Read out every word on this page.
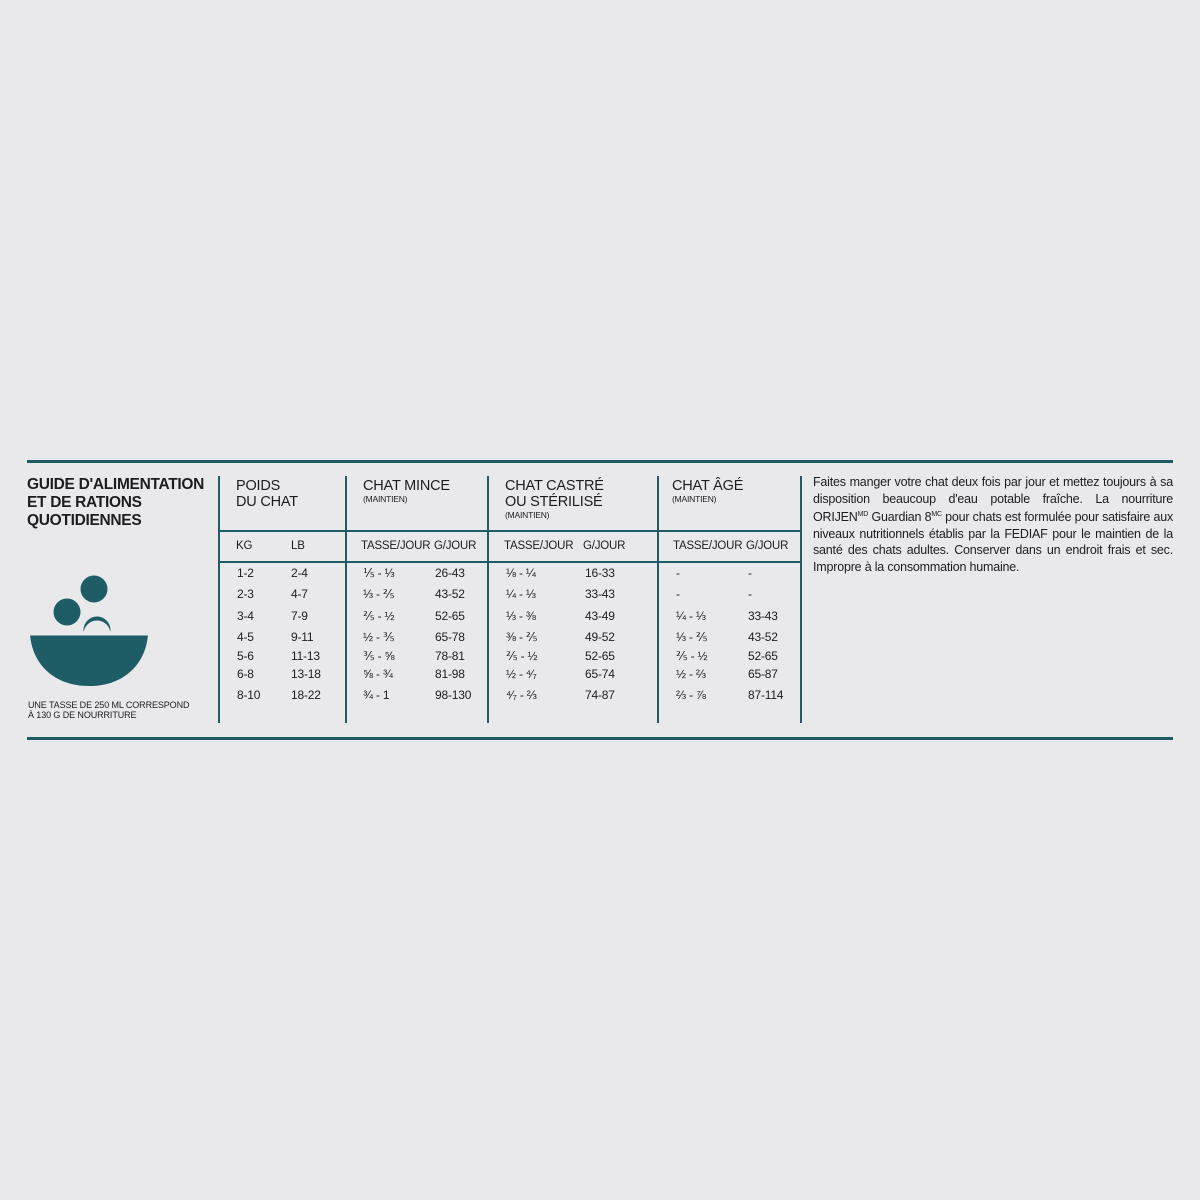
GUIDE D'ALIMENTATION
ET DE RATIONS
QUOTIDIENNES
UNE TASSE DE 250 ML CORRESPOND
À 130 G DE NOURRITURE
POIDS
DU CHAT
CHAT MINCE
(MAINTIEN)
CHAT CASTRÉ
OU STÉRILISÉ
(MAINTIEN)
CHAT ÂGÉ
(MAINTIEN)
KG	LB	TASSE/JOUR G/JOUR TASSE/JOUR G/JOUR	TASSE/JOUR G/JOUR
1-2	2-4	⅕ - ⅓	26-43	⅛ - ¼	16-33	-	-
2-3	4-7	⅓ - ⅖	43-52	¼ - ⅓	33-43	-	-
3-4	7-9	⅖ - ½	52-65	⅓ - ⅜	43-49	¼ - ⅓	33-43
4-5	9-11	½ - ⅗	65-78	⅜ - ⅖	49-52	⅓ - ⅖	43-52
5-6	11-13	⅗ - ⅝	78-81	⅖ - ½	52-65	⅖ - ½	52-65
6-8	13-18	⅝ - ¾	81-98	½ - ⁴⁄₇	65-74	½ - ⅔	65-87
8-10	18-22	¾ - 1	98-130	⁴⁄₇ - ⅔	74-87	⅔ - ⅞	87-114
Faites manger votre chat deux fois par jour et mettez toujours à sa disposition beaucoup d'eau potable fraîche. La nourriture $ORIJEN^{MD}$ Guardian $8^{MC}$ pour chats est formulée pour satisfaire aux niveaux nutritionnels établis par la FEDIAF pour le maintien de la santé des chats adultes. Conserver dans un endroit frais et sec. Impropre à la consommation humaine.
